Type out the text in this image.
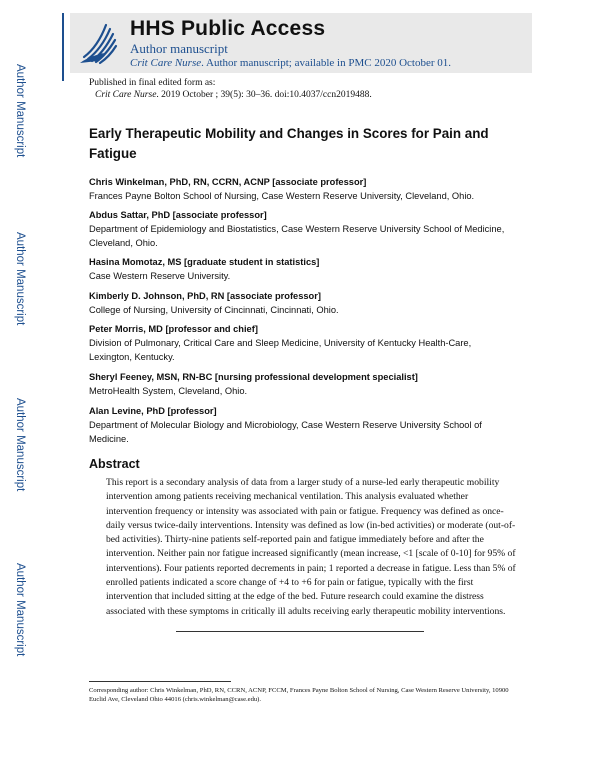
Author Manuscript
Author Manuscript
Author Manuscript
Author Manuscript
HHS Public Access
Author manuscript
Crit Care Nurse. Author manuscript; available in PMC 2020 October 01.
Published in final edited form as:
Crit Care Nurse. 2019 October ; 39(5): 30–36. doi:10.4037/ccn2019488.
Early Therapeutic Mobility and Changes in Scores for Pain and Fatigue
Chris Winkelman, PhD, RN, CCRN, ACNP [associate professor]
Frances Payne Bolton School of Nursing, Case Western Reserve University, Cleveland, Ohio.
Abdus Sattar, PhD [associate professor]
Department of Epidemiology and Biostatistics, Case Western Reserve University School of Medicine, Cleveland, Ohio.
Hasina Momotaz, MS [graduate student in statistics]
Case Western Reserve University.
Kimberly D. Johnson, PhD, RN [associate professor]
College of Nursing, University of Cincinnati, Cincinnati, Ohio.
Peter Morris, MD [professor and chief]
Division of Pulmonary, Critical Care and Sleep Medicine, University of Kentucky Health-Care, Lexington, Kentucky.
Sheryl Feeney, MSN, RN-BC [nursing professional development specialist]
MetroHealth System, Cleveland, Ohio.
Alan Levine, PhD [professor]
Department of Molecular Biology and Microbiology, Case Western Reserve University School of Medicine.
Abstract
This report is a secondary analysis of data from a larger study of a nurse-led early therapeutic mobility intervention among patients receiving mechanical ventilation. This analysis evaluated whether intervention frequency or intensity was associated with pain or fatigue. Frequency was defined as once-daily versus twice-daily interventions. Intensity was defined as low (in-bed activities) or moderate (out-of-bed activities). Thirty-nine patients self-reported pain and fatigue immediately before and after the intervention. Neither pain nor fatigue increased significantly (mean increase, <1 [scale of 0-10] for 95% of interventions). Four patients reported decrements in pain; 1 reported a decrease in fatigue. Less than 5% of enrolled patients indicated a score change of +4 to +6 for pain or fatigue, typically with the first intervention that included sitting at the edge of the bed. Future research could examine the distress associated with these symptoms in critically ill adults receiving early therapeutic mobility interventions.
Corresponding author: Chris Winkelman, PhD, RN, CCRN, ACNP, FCCM, Frances Payne Bolton School of Nursing, Case Western Reserve University, 10900 Euclid Ave, Cleveland Ohio 44016 (chris.winkelman@case.edu).
